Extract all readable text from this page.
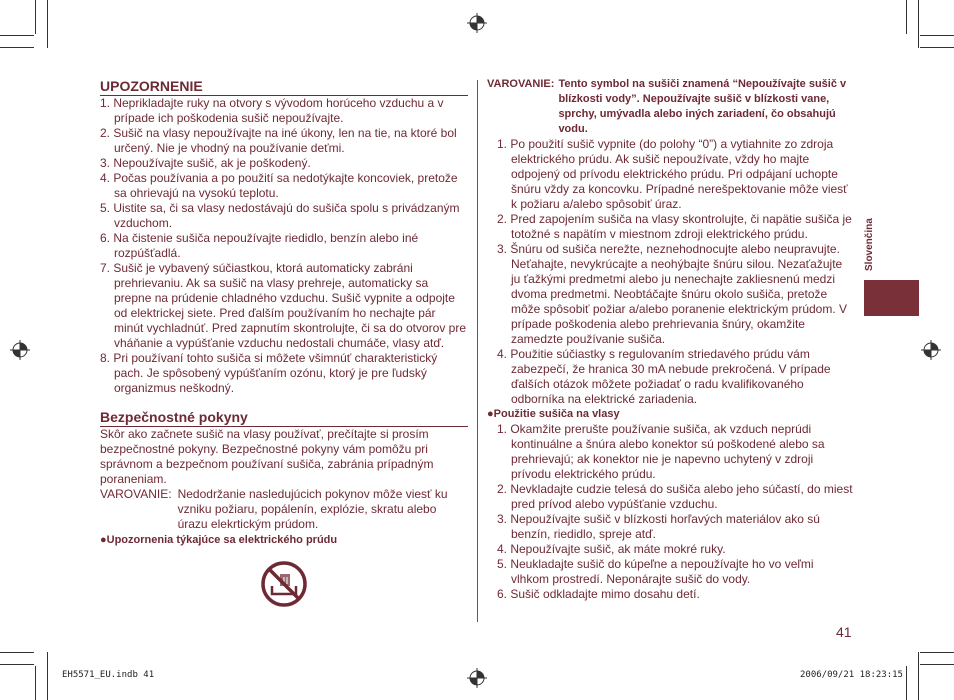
UPOZORNENIE

1. Neprikladajte ruky na otvory s vývodom horúceho vzduchu a v prípade ich poškodenia sušič nepoužívajte.

2. Sušič na vlasy nepoužívajte na iné úkony, len na tie, na ktoré bol určený. Nie je vhodný na používanie deťmi.

3. Nepoužívajte sušič, ak je poškodený.

4. Počas používania a po použití sa nedotýkajte koncoviek, pretože sa ohrievajú na vysokú teplotu.

5. Uistite sa, či sa vlasy nedostávajú do sušiča spolu s privádzaným vzduchom.

6. Na čistenie sušiča nepoužívajte riedidlo, benzín alebo iné rozpúšťadlá.

7. Sušič je vybavený súčiastkou, ktorá automaticky zabráni prehrievaniu. Ak sa sušič na vlasy prehreje, automaticky sa prepne na prúdenie chladného vzduchu. Sušič vypnite a odpojte od elektrickej siete. Pred ďalším používaním ho nechajte pár minút vychladnúť. Pred zapnutím skontrolujte, či sa do otvorov pre vháňanie a vypúšťanie vzduchu nedostali chumáče, vlasy atď.

8. Pri používaní tohto sušiča si môžete všimnúť charakteristický pach. Je spôsobený vypúšťaním ozónu, ktorý je pre ľudský organizmus neškodný.

Bezpečnostné pokyny

Skôr ako začnete sušič na vlasy používať, prečítajte si prosím bezpečnostné pokyny. Bezpečnostné pokyny vám pomôžu pri správnom a bezpečnom používaní sušiča, zabránia prípadným poraneniam.

VAROVANIE: Nedodržanie nasledujúcich pokynov môže viesť ku vzniku požiaru, popálenín, explózie, skratu alebo úrazu elekrtickým prúdom.

●Upozornenia týkajúce sa elektrického prúdu

VAROVANIE: Tento symbol na sušiči znamená “Nepoužívajte sušič v blízkosti vody”. Nepoužívajte sušič v blízkosti vane, sprchy, umývadla alebo iných zariadení, čo obsahujú vodu.

1. Po použití sušič vypnite (do polohy “0”) a vytiahnite zo zdroja elektrického prúdu. Ak sušič nepoužívate, vždy ho majte odpojený od prívodu elektrického prúdu. Pri odpájaní uchopte šnúru vždy za koncovku. Prípadné nerešpektovanie môže viesť k požiaru a/alebo spôsobiť úraz.

2. Pred zapojením sušiča na vlasy skontrolujte, či napätie sušiča je totožné s napätím v miestnom zdroji elektrického prúdu.

3. Šnúru od sušiča nerežte, neznehodnocujte alebo neupravujte. Neťahajte, nevykrúcajte a neohýbajte šnúru silou. Nezaťažujte ju ťažkými predmetmi alebo ju nenechajte zakliesnenú medzi dvoma predmetmi. Neobtáčajte šnúru okolo sušiča, pretože môže spôsobiť požiar a/alebo poranenie elektrickým prúdom. V prípade poškodenia alebo prehrievania šnúry, okamžite zamedzte používanie sušiča.

4. Použitie súčiastky s regulovaním striedavého prúdu vám zabezpečí, že hranica 30 mA nebude prekročená. V prípade ďalších otázok môžete požiadať o radu kvalifikovaného odborníka na elektrické zariadenia.

●Použitie sušiča na vlasy

1. Okamžite prerušte používanie sušiča, ak vzduch neprúdi kontinuálne a šnúra alebo konektor sú poškodené alebo sa prehrievajú; ak konektor nie je napevno uchytený v zdroji prívodu elektrického prúdu.

2. Nevkladajte cudzie telesá do sušiča alebo jeho súčastí, do miest pred prívod alebo vypúšťanie vzduchu.

3. Nepoužívajte sušič v blízkosti horľavých materiálov ako sú benzín, riedidlo, spreje atď.

4. Nepoužívajte sušič, ak máte mokré ruky.

5. Neukladajte sušič do kúpeľne a nepoužívajte ho vo veľmi vlhkom prostredí. Neponárajte sušič do vody.

6. Sušič odkladajte mimo dosahu detí.

Slovenčina
41
EH5571_EU.indb 41	2006/09/21 18:23:15
